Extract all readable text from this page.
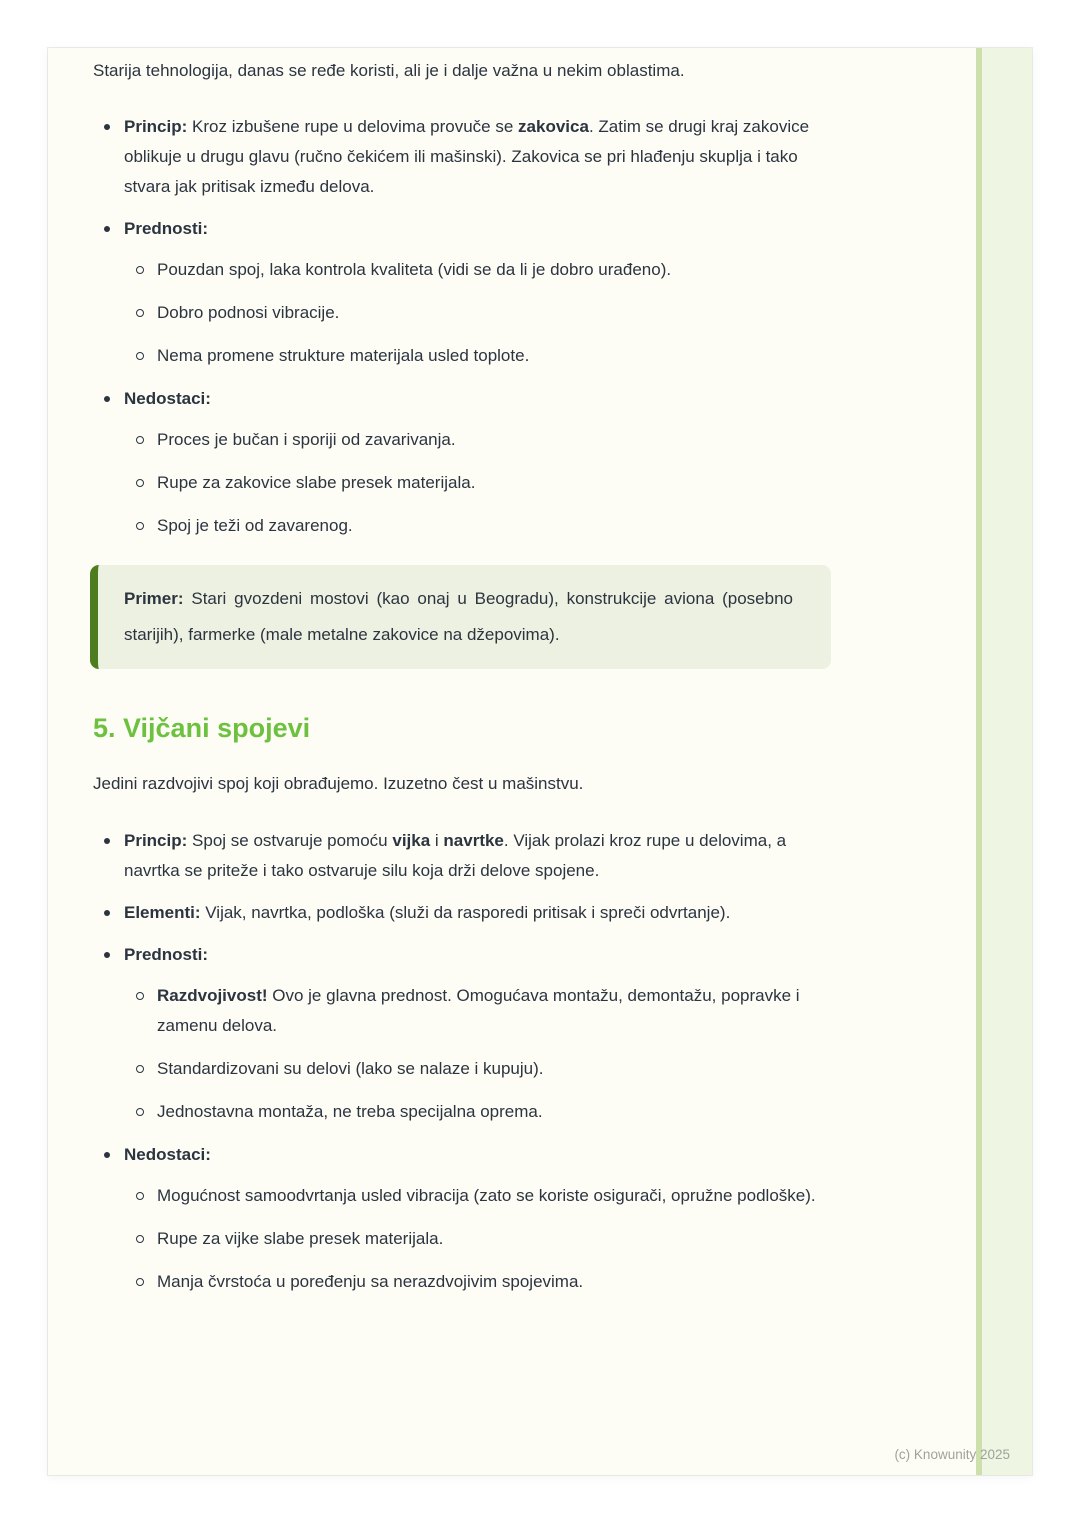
Starija tehnologija, danas se ređe koristi, ali je i dalje važna u nekim oblastima.

Princip: Kroz izbušene rupe u delovima provuče se zakovica. Zatim se drugi kraj zakovice oblikuje u drugu glavu (ručno čekićem ili mašinski). Zakovica se pri hlađenju skuplja i tako stvara jak pritisak između delova.
Prednosti:
Pouzdan spoj, laka kontrola kvaliteta (vidi se da li je dobro urađeno).
Dobro podnosi vibracije.
Nema promene strukture materijala usled toplote.
Nedostaci:
Proces je bučan i sporiji od zavarivanja.
Rupe za zakovice slabe presek materijala.
Spoj je teži od zavarenog.

Primer: Stari gvozdeni mostovi (kao onaj u Beogradu), konstrukcije aviona (posebno starijih), farmerke (male metalne zakovice na džepovima).

5. Vijčani spojevi

Jedini razdvojivi spoj koji obrađujemo. Izuzetno čest u mašinstvu.

Princip: Spoj se ostvaruje pomoću vijka i navrtke. Vijak prolazi kroz rupe u delovima, a navrtka se priteže i tako ostvaruje silu koja drži delove spojene.
Elementi: Vijak, navrtka, podloška (služi da rasporedi pritisak i spreči odvrtanje).
Prednosti:
Razdvojivost! Ovo je glavna prednost. Omogućava montažu, demontažu, popravke i zamenu delova.
Standardizovani su delovi (lako se nalaze i kupuju).
Jednostavna montaža, ne treba specijalna oprema.
Nedostaci:
Mogućnost samoodvrtanja usled vibracija (zato se koriste osigurači, opružne podloške).
Rupe za vijke slabe presek materijala.
Manja čvrstoća u poređenju sa nerazdvojivim spojevima.
(c) Knowunity 2025
